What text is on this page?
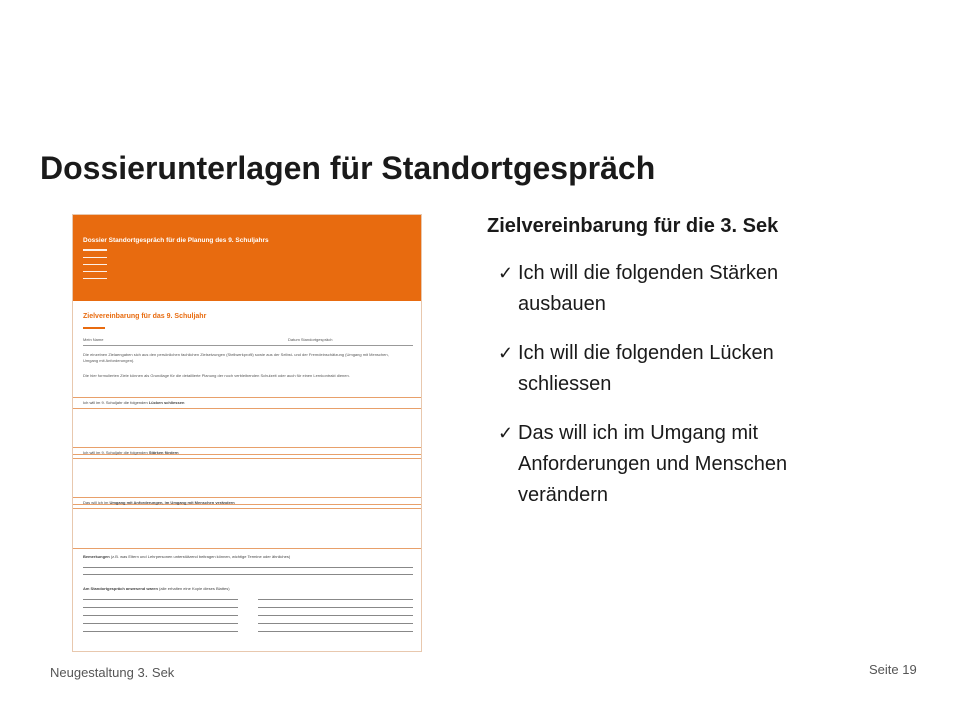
Dossierunterlagen für Standortgespräch
Dossier Standortgespräch für die Planung des 9. Schuljahrs
Zielvereinbarung für das 9. Schuljahr
Mein Name	Datum Standortgespräch
Die einzelnen Zielaengaben sich aus den persönlichen fachlichen Zielsetzungen (Stellwerkprofil) sowie aus der Selbst- und der Fremdeinschätzung (Umgang mit Menschen, Umgang mit Anforderungen).
Die hier formulierten Ziele können als Grundlage für die detaillierte Planung der noch verbleibenden Schulzeit oder auch für einen Lernkontrakt dienen.
Ich will im 9. Schuljahr die folgenden Lücken schliessen
Ich will im 9. Schuljahr die folgenden Stärken fördern
Das will ich im Umgang mit Anforderungen, im Umgang mit Menschen verändern
Bemerkungen (z.B. was Eltern und Lehrpersonen unterstützend beitragen können, wichtige Termine oder ähnliches)
Am Standortgespräch anwesend waren (alle erhalten eine Kopie dieses Blattes)

Zielvereinbarung für die 3. Sek

✓ Ich will die folgenden Stärken
ausbauen
✓ Ich will die folgenden Lücken
schliessen
✓ Das will ich im Umgang mit
Anforderungen und Menschen
verändern
Neugestaltung 3. Sek	Seite 19
